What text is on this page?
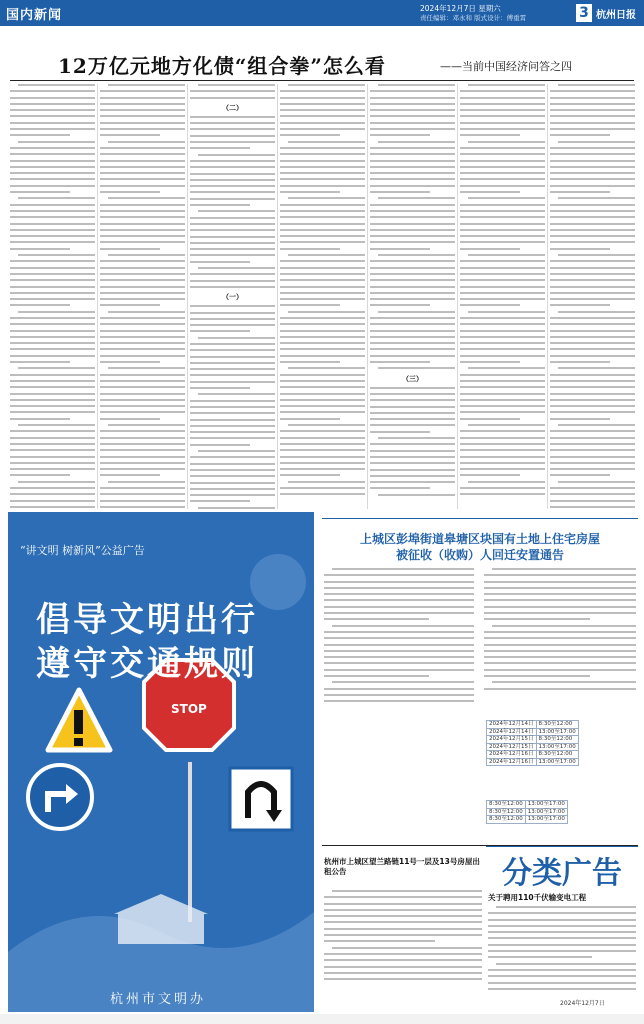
国内新闻	2024年12月7日 星期六
责任编辑：邓永和 版式设计：傅重霄	3 杭州日报
12万亿元地方化债“组合拳”怎么看	——当前中国经济问答之四
（二）
（一）
（三）
STOP
“讲文明 树新风”公益广告
倡导文明出行
遵守交通规则
杭州市文明办
上城区彭埠街道皋塘区块国有土地上住宅房屋
被征收（收购）人回迁安置通告
2024年12月14日	8:30至12:00
2024年12月14日	13:00至17:00
2024年12月15日	8:30至12:00
2024年12月15日	13:00至17:00
2024年12月16日	8:30至12:00
2024年12月16日	13:00至17:00
8:30至12:00	13:00至17:00
8:30至12:00	13:00至17:00
8:30至12:00	13:00至17:00
杭州市上城区望兰路链11号一层及13号房屋出租公告	分类广告
关于聘用110千伏输变电工程
2024年12月7日
